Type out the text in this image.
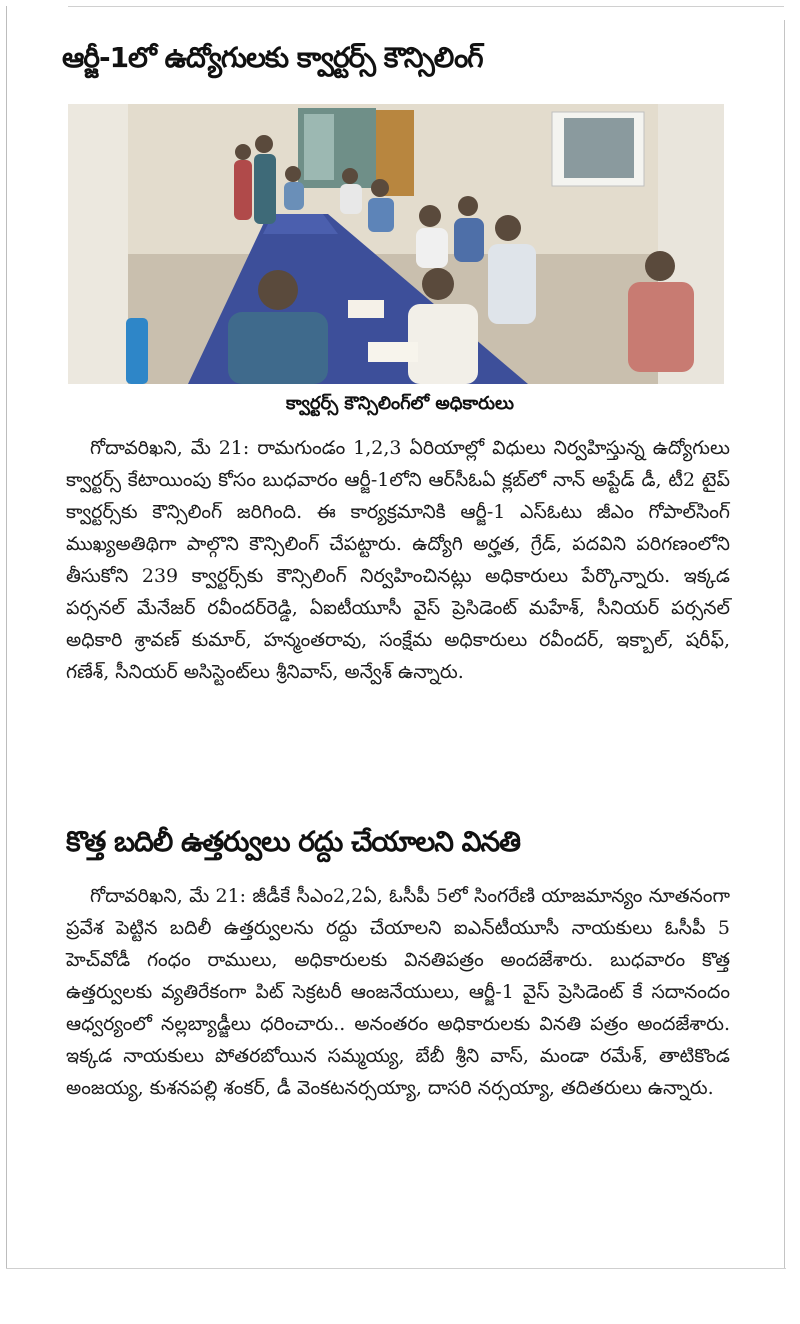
ఆర్జీ-1లో ఉద్యోగులకు క్వార్టర్స్ కౌన్సిలింగ్
క్వార్టర్స్ కౌన్సిలింగ్‌లో అధికారులు

గోదావరిఖని, మే 21: రామగుండం 1,2,3 ఏరియాల్లో విధులు నిర్వహిస్తున్న ఉద్యోగులు క్వార్టర్స్ కేటాయింపు కోసం బుధవారం ఆర్జీ-1లోని ఆర్‌సీఓఏ క్లబ్‌లో నాన్ అప్టేడ్ డీ, టీ2 టైప్ క్వార్టర్స్‌కు కౌన్సిలింగ్ జరిగింది. ఈ కార్యక్రమానికి ఆర్జీ-1 ఎస్‌ఓటు జీఎం గోపాల్‌సింగ్ ముఖ్యఅతిథిగా పాల్గొని కౌన్సిలింగ్ చేపట్టారు. ఉద్యోగి అర్హత, గ్రేడ్, పదవిని పరిగణంలోని తీసుకోని 239 క్వార్టర్స్‌కు కౌన్సిలింగ్ నిర్వహించినట్లు అధికారులు పేర్కొన్నారు. ఇక్కడ పర్సనల్ మేనేజర్ రవీందర్‌రెడ్డి, ఏఐటీయూసీ వైస్ ప్రెసిడెంట్ మహేశ్, సీనియర్ పర్సనల్ అధికారి శ్రావణ్ కుమార్, హన్మంతరావు, సంక్షేమ అధికారులు రవీందర్, ఇక్బాల్, షరీఫ్, గణేశ్, సీనియర్ అసిస్టెంట్‌లు శ్రీనివాస్, అన్వేశ్ ఉన్నారు.

కొత్త బదిలీ ఉత్తర్వులు రద్దు చేయాలని వినతి

గోదావరిఖని, మే 21: జీడీకే సీఎం2,2ఏ, ఓసీపీ 5లో సింగరేణి యాజమాన్యం నూతనంగా ప్రవేశ పెట్టిన బదిలీ ఉత్తర్వులను రద్దు చేయాలని ఐఎన్‌టీయూసీ నాయకులు ఓసీపీ 5 హెచ్‌వోడీ గంధం రాములు, అధికారులకు వినతిపత్రం అందజేశారు. బుధవారం కొత్త ఉత్తర్వులకు వ్యతిరేకంగా పిట్ సెక్రటరీ ఆంజనేయులు, ఆర్జీ-1 వైస్ ప్రెసిడెంట్ కే సదానందం ఆధ్వర్యంలో నల్లబ్యాడ్జీలు ధరించారు.. అనంతరం అధికారులకు వినతి పత్రం అందజేశారు. ఇక్కడ నాయకులు పోతరబోయిన సమ్మయ్య, బేబీ శ్రీని వాస్, మండా రమేశ్, తాటికొండ అంజయ్య, కుశనపల్లి శంకర్, డీ వెంకటనర్సయ్యా, దాసరి నర్సయ్యా, తదితరులు ఉన్నారు.
